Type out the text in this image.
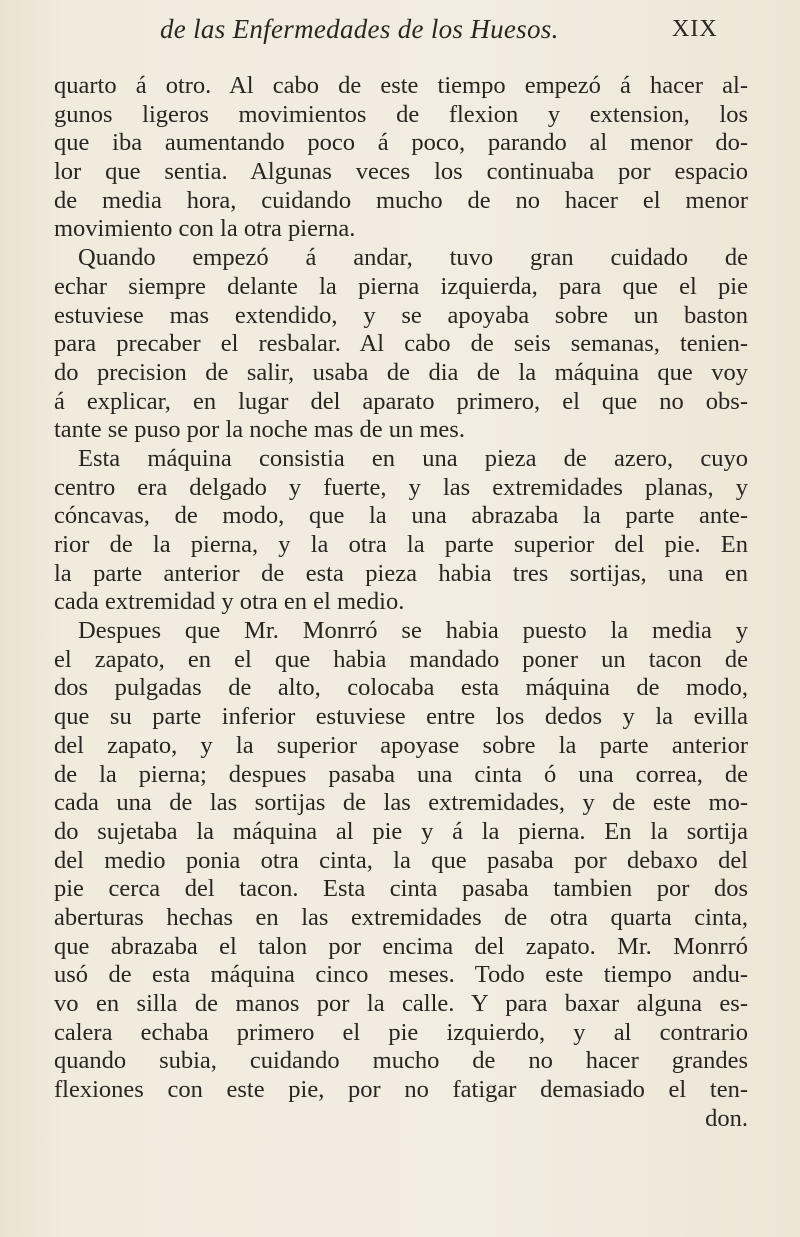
de las Enfermedades de los Huesos.	XIX
quarto á otro. Al cabo de este tiempo empezó á hacer al-
gunos ligeros movimientos de flexion y extension, los
que iba aumentando poco á poco, parando al menor do-
lor que sentia. Algunas veces los continuaba por espacio
de media hora, cuidando mucho de no hacer el menor
movimiento con la otra pierna.
Quando empezó á andar, tuvo gran cuidado de
echar siempre delante la pierna izquierda, para que el pie
estuviese mas extendido, y se apoyaba sobre un baston
para precaber el resbalar. Al cabo de seis semanas, tenien-
do precision de salir, usaba de dia de la máquina que voy
á explicar, en lugar del aparato primero, el que no obs-
tante se puso por la noche mas de un mes.
Esta máquina consistia en una pieza de azero, cuyo
centro era delgado y fuerte, y las extremidades planas, y
cóncavas, de modo, que la una abrazaba la parte ante-
rior de la pierna, y la otra la parte superior del pie. En
la parte anterior de esta pieza habia tres sortijas, una en
cada extremidad y otra en el medio.
Despues que Mr. Monrró se habia puesto la media y
el zapato, en el que habia mandado poner un tacon de
dos pulgadas de alto, colocaba esta máquina de modo,
que su parte inferior estuviese entre los dedos y la evilla
del zapato, y la superior apoyase sobre la parte anterior
de la pierna; despues pasaba una cinta ó una correa, de
cada una de las sortijas de las extremidades, y de este mo-
do sujetaba la máquina al pie y á la pierna. En la sortija
del medio ponia otra cinta, la que pasaba por debaxo del
pie cerca del tacon. Esta cinta pasaba tambien por dos
aberturas hechas en las extremidades de otra quarta cinta,
que abrazaba el talon por encima del zapato. Mr. Monrró
usó de esta máquina cinco meses. Todo este tiempo andu-
vo en silla de manos por la calle. Y para baxar alguna es-
calera echaba primero el pie izquierdo, y al contrario
quando subia, cuidando mucho de no hacer grandes
flexiones con este pie, por no fatigar demasiado el ten-
don.
